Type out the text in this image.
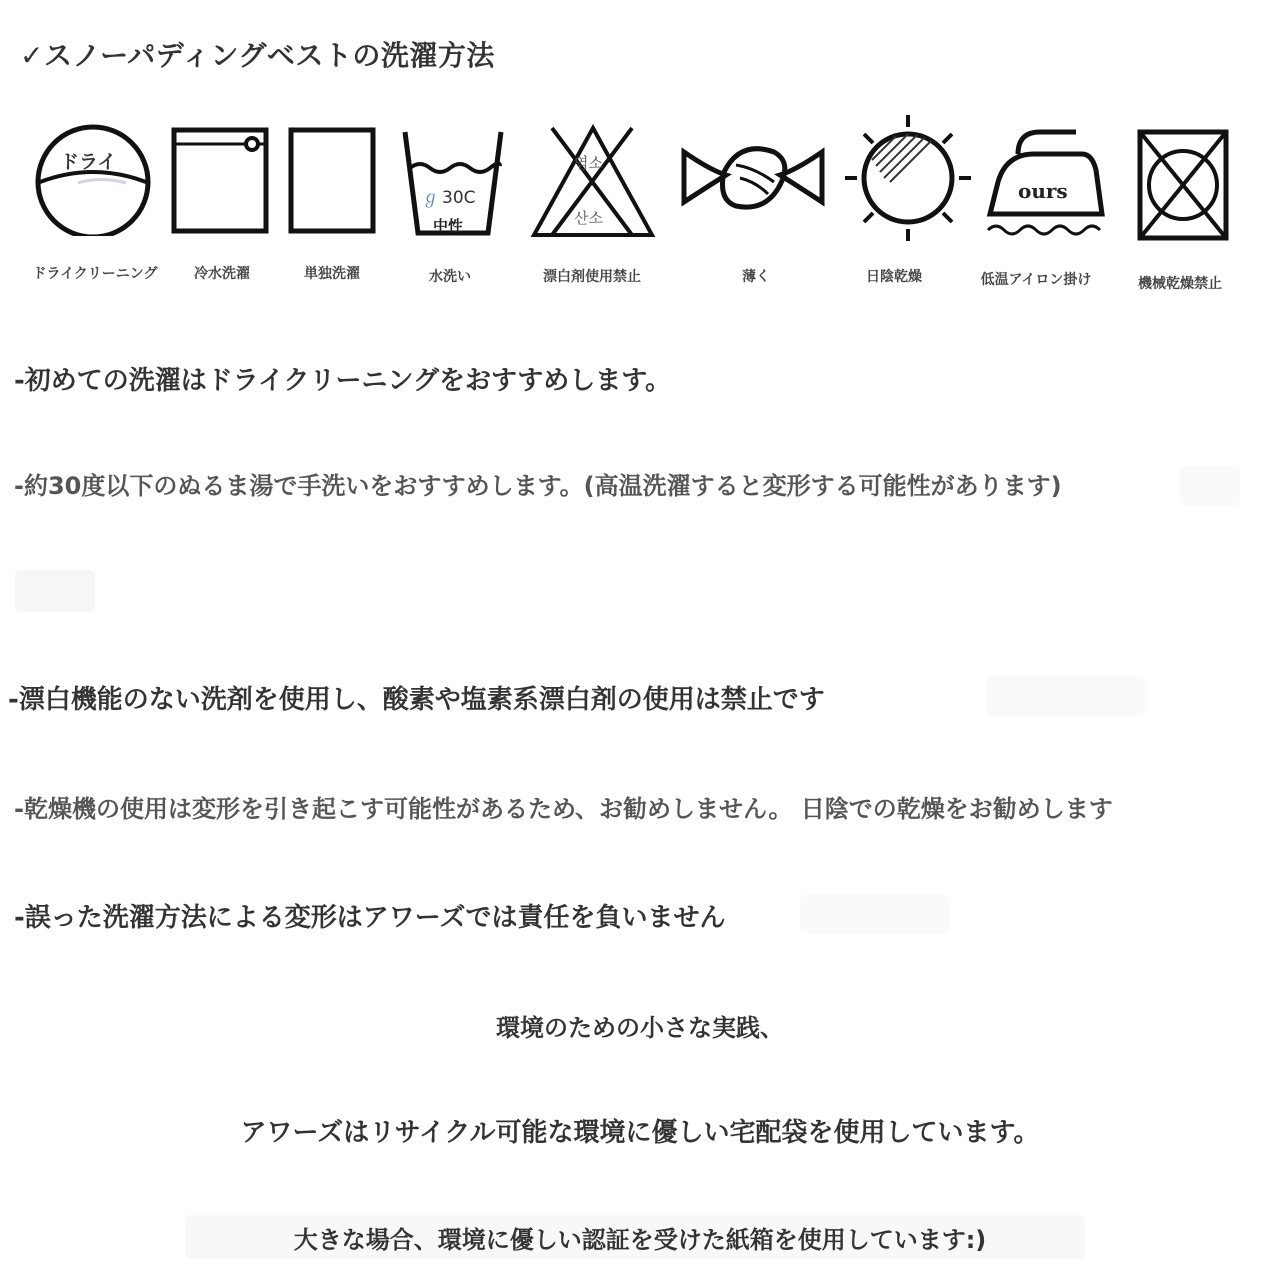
✓スノーパディングベストの洗濯方法
ドライ
ℊ 30C
中性
염소
산소
ours
ドライクリーニング	冷水洗濯	単独洗濯	水洗い	漂白剤使用禁止	薄く	日陰乾燥	低温アイロン掛け	機械乾燥禁止
-初めての洗濯はドライクリーニングをおすすめします。
-約30度以下のぬるま湯で手洗いをおすすめします。(高温洗濯すると変形する可能性があります)
-漂白機能のない洗剤を使用し、酸素や塩素系漂白剤の使用は禁止です
-乾燥機の使用は変形を引き起こす可能性があるため、お勧めしません。 日陰での乾燥をお勧めします
-誤った洗濯方法による変形はアワーズでは責任を負いません
環境のための小さな実践、
アワーズはリサイクル可能な環境に優しい宅配袋を使用しています。
大きな場合、環境に優しい認証を受けた紙箱を使用しています:)
